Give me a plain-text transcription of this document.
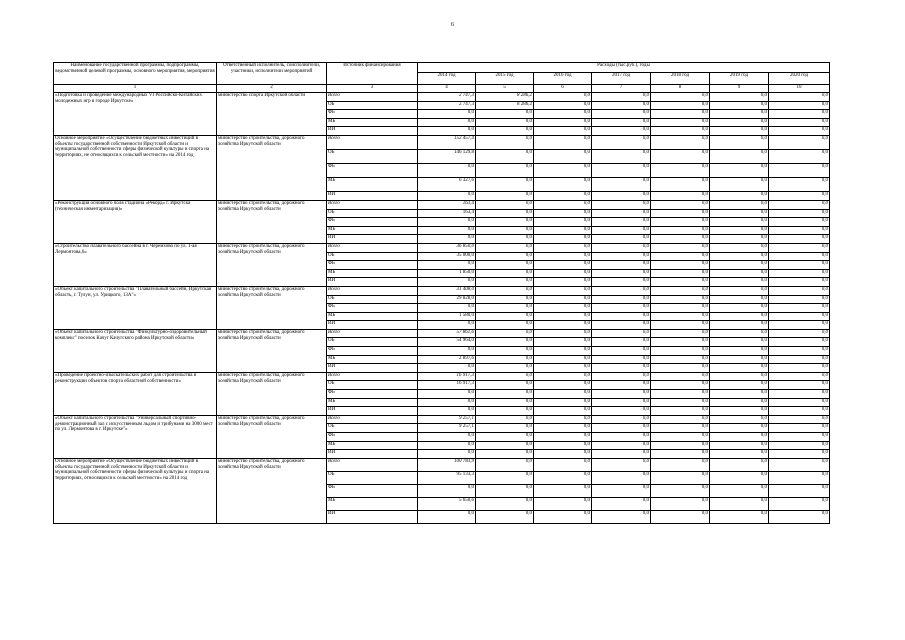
6
Наименование государственной программы, подпрограммы, ведомственной целевой программы, основного мероприятия, мероприятия	Ответственный исполнитель, соисполнители, участники, исполнители мероприятий	Источник финансирования	Расходы (тыс.руб.), годы						
			2014 год	2015 год	2016 год	2017 год	2018 год	2019 год	2020 год
1	2	3	4	5	6	7	8	9	10
«Подготовка и проведение международных VI Российско-Китайских молодежных игр в городе Иркутске»	министерство спорта Иркутской области	Всего	2 747,3	8 286,2	0,0	0,0	0,0	0,0	0,0
		ОБ	2 747,3	8 286,2	0,0	0,0	0,0	0,0	0,0
		ФБ	0,0	0,0	0,0	0,0	0,0	0,0	0,0
		МБ	0,0	0,0	0,0	0,0	0,0	0,0	0,0
		ИИ	0,0	0,0	0,0	0,0	0,0	0,0	0,0
Основное мероприятие «Осуществление бюджетных инвестиций в объекты государственной собственности Иркутской области и муниципальной собственности сферы физической культуры и спорта на территориях, не относящихся к сельской местности» на 2014 год	министерство строительства, дорожного хозяйства Иркутской области	Всего	152 457,4	0,0	0,0	0,0	0,0	0,0	0,0
		ОБ	146 129,8	0,0	0,0	0,0	0,0	0,0	0,0
		ФБ	0,0	0,0	0,0	0,0	0,0	0,0	0,0
		МБ	6 327,6	0,0	0,0	0,0	0,0	0,0	0,0
		ИИ	0,0	0,0	0,0	0,0	0,0	0,0	0,0
«Реконструкция основного поля стадиона «Рекорд» г. Иркутска (техническая инвентаризация)»	министерство строительства, дорожного хозяйства Иркутской области	Всего	163,4	0,0	0,0	0,0	0,0	0,0	0,0
		ОБ	163,4	0,0	0,0	0,0	0,0	0,0	0,0
		ФБ	0,0	0,0	0,0	0,0	0,0	0,0	0,0
		МБ	0,0	0,0	0,0	0,0	0,0	0,0	0,0
		ИИ	0,0	0,0	0,0	0,0	0,0	0,0	0,0
«Строительство плавательного бассейна в г. Черемхово по ул. 1-ая Лермонтова,6»	министерство строительства, дорожного хозяйства Иркутской области	Всего	36 850,0	0,0	0,0	0,0	0,0	0,0	0,0
		ОБ	35 000,0	0,0	0,0	0,0	0,0	0,0	0,0
		ФБ	0,0	0,0	0,0	0,0	0,0	0,0	0,0
		МБ	1 850,0	0,0	0,0	0,0	0,0	0,0	0,0
		ИИ	0,0	0,0	0,0	0,0	0,0	0,0	0,0
«Объект капитального строительства "Плавательный бассейн, Иркутская область, г. Тулун, ул. Урицкого, 13А"»	министерство строительства, дорожного хозяйства Иркутской области	Всего	31 408,0	0,0	0,0	0,0	0,0	0,0	0,0
		ОБ	29 828,0	0,0	0,0	0,0	0,0	0,0	0,0
		ФБ	0,0	0,0	0,0	0,0	0,0	0,0	0,0
		МБ	1 580,0	0,0	0,0	0,0	0,0	0,0	0,0
		ИИ	0,0	0,0	0,0	0,0	0,0	0,0	0,0
«Объект капитального строительства "Физкультурно-оздоровительный комплекс" поселок Качуг Качугского района Иркутской области»	министерство строительства, дорожного хозяйства Иркутской области	Всего	57 861,6	0,0	0,0	0,0	0,0	0,0	0,0
		ОБ	54 964,0	0,0	0,0	0,0	0,0	0,0	0,0
		ФБ	0,0	0,0	0,0	0,0	0,0	0,0	0,0
		МБ	2 897,6	0,0	0,0	0,0	0,0	0,0	0,0
		ИИ	0,0	0,0	0,0	0,0	0,0	0,0	0,0
«Проведение проектно-изыскательских работ для строительства и реконструкции объектов спорта областной собственности»	министерство строительства, дорожного хозяйства Иркутской области	Всего	16 917,3	0,0	0,0	0,0	0,0	0,0	0,0
		ОБ	16 917,3	0,0	0,0	0,0	0,0	0,0	0,0
		ФБ	0,0	0,0	0,0	0,0	0,0	0,0	0,0
		МБ	0,0	0,0	0,0	0,0	0,0	0,0	0,0
		ИИ	0,0	0,0	0,0	0,0	0,0	0,0	0,0
«Объект капитального строительства "Универсальный спортивно-демонстрационный зал с искусственным льдом и трибунами на 3000 мест по ул. Лермонтова в г. Иркутске"»	министерство строительства, дорожного хозяйства Иркутской области	Всего	9 257,1	0,0	0,0	0,0	0,0	0,0	0,0
		ОБ	9 257,1	0,0	0,0	0,0	0,0	0,0	0,0
		ФБ	0,0	0,0	0,0	0,0	0,0	0,0	0,0
		МБ	0,0	0,0	0,0	0,0	0,0	0,0	0,0
		ИИ	0,0	0,0	0,0	0,0	0,0	0,0	0,0
Основное мероприятие «Осуществление бюджетных инвестиций в объекты государственной собственности Иркутской области и муниципальной собственности сферы физической культуры и спорта на территориях, относящихся к сельской местности» на 2014 год	министерство строительства, дорожного хозяйства Иркутской области	Всего	100 783,9	0,0	0,0	0,0	0,0	0,0	0,0
		ОБ	95 133,3	0,0	0,0	0,0	0,0	0,0	0,0
		ФБ	0,0	0,0	0,0	0,0	0,0	0,0	0,0
		МБ	5 650,6	0,0	0,0	0,0	0,0	0,0	0,0
		ИИ	0,0	0,0	0,0	0,0	0,0	0,0	0,0
